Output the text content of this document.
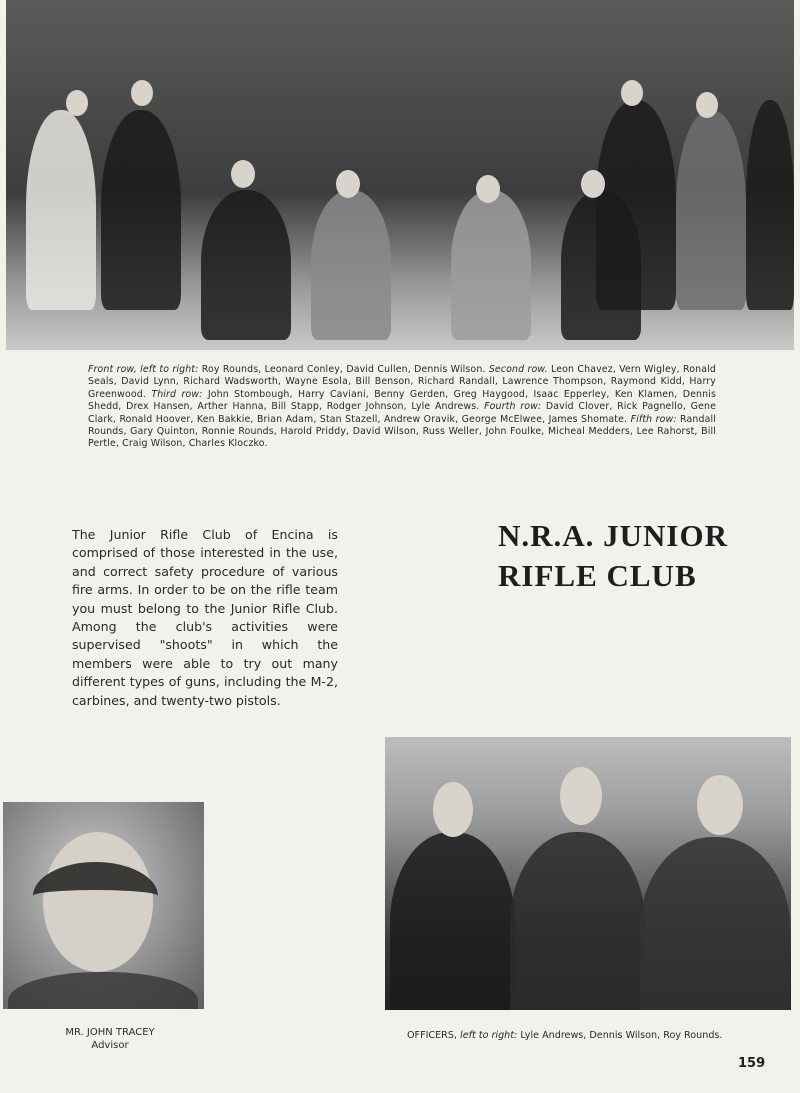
Front row, left to right: Roy Rounds, Leonard Conley, David Cullen, Dennis Wilson. Second row. Leon Chavez, Vern Wigley, Ronald Seals, David Lynn, Richard Wadsworth, Wayne Esola, Bill Benson, Richard Randall, Lawrence Thompson, Raymond Kidd, Harry Greenwood. Third row: John Stombough, Harry Caviani, Benny Gerden, Greg Haygood, Isaac Epperley, Ken Klamen, Dennis Shedd, Drex Hansen, Arther Hanna, Bill Stapp, Rodger Johnson, Lyle Andrews. Fourth row: David Clover, Rick Pagnello, Gene Clark, Ronald Hoover, Ken Bakkie, Brian Adam, Stan Stazell, Andrew Oravik, George McElwee, James Shomate. Fifth row: Randall Rounds, Gary Quinton, Ronnie Rounds, Harold Priddy, David Wilson, Russ Weller, John Foulke, Micheal Medders, Lee Rahorst, Bill Pertle, Craig Wilson, Charles Kloczko.
N.R.A. JUNIOR
RIFLE CLUB
The Junior Rifle Club of Encina is comprised of those interested in the use, and correct safety procedure of various fire arms. In order to be on the rifle team you must belong to the Junior Rifle Club. Among the club's activities were supervised "shoots" in which the members were able to try out many different types of guns, including the M-2, carbines, and twenty-two pistols.
MR. JOHN TRACEY
Advisor
OFFICERS, left to right: Lyle Andrews, Dennis Wilson, Roy Rounds.
159
